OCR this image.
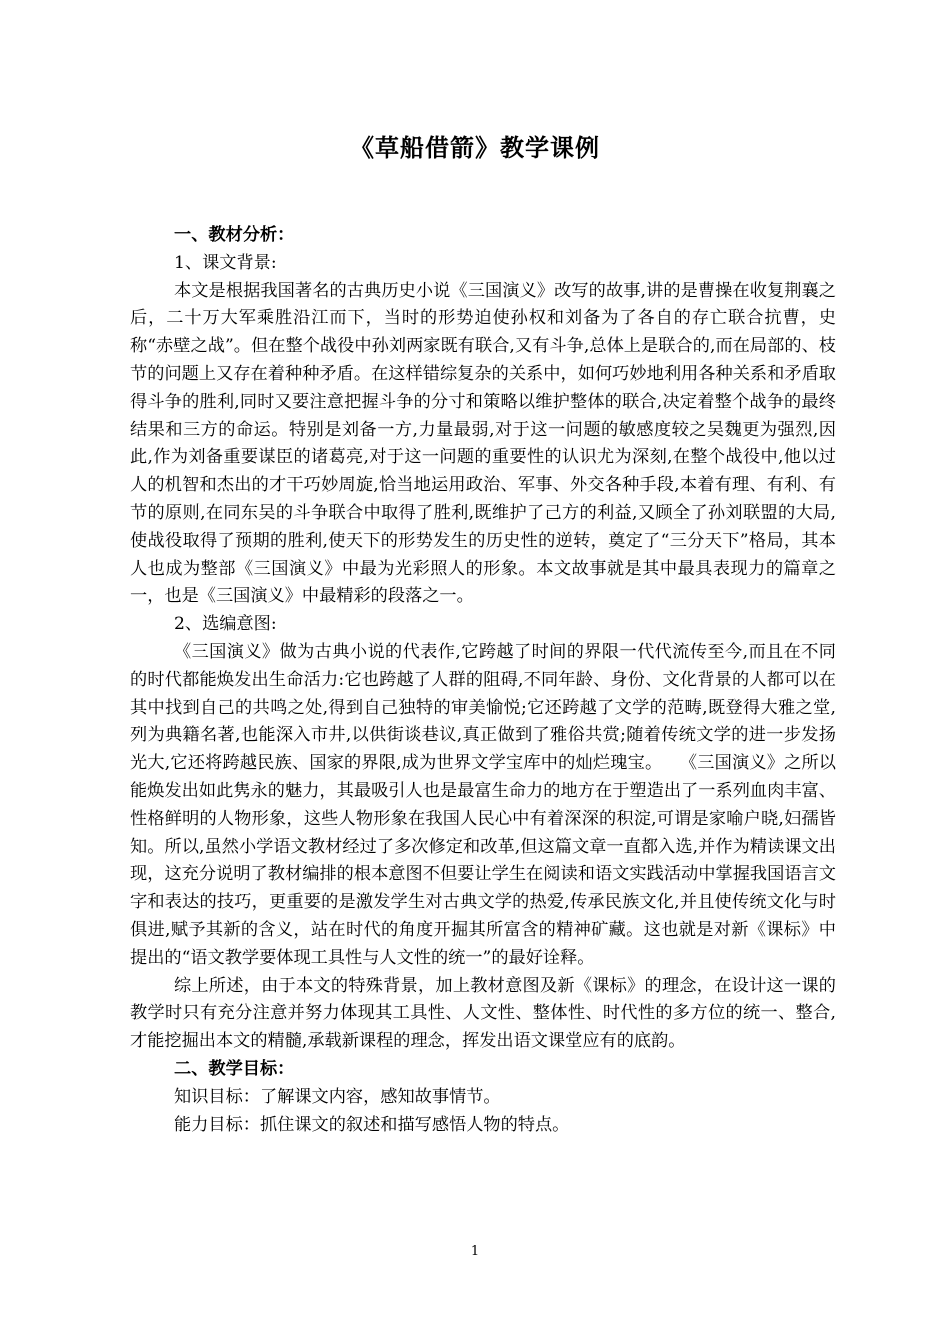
《草船借箭》教学课例

一、教材分析：

1、课文背景:

本文是根据我国著名的古典历史小说《三国演义》改写的故事,讲的是曹操在收复荆襄之后，二十万大军乘胜沿江而下，当时的形势迫使孙权和刘备为了各自的存亡联合抗曹，史称“赤壁之战”。但在整个战役中孙刘两家既有联合,又有斗争,总体上是联合的,而在局部的、枝节的问题上又存在着种种矛盾。在这样错综复杂的关系中，如何巧妙地利用各种关系和矛盾取得斗争的胜利,同时又要注意把握斗争的分寸和策略以维护整体的联合,决定着整个战争的最终结果和三方的命运。特别是刘备一方,力量最弱,对于这一问题的敏感度较之吴魏更为强烈,因此,作为刘备重要谋臣的诸葛亮,对于这一问题的重要性的认识尤为深刻,在整个战役中,他以过人的机智和杰出的才干巧妙周旋,恰当地运用政治、军事、外交各种手段,本着有理、有利、有节的原则,在同东吴的斗争联合中取得了胜利,既维护了己方的利益,又顾全了孙刘联盟的大局,使战役取得了预期的胜利,使天下的形势发生的历史性的逆转，奠定了“三分天下”格局，其本人也成为整部《三国演义》中最为光彩照人的形象。本文故事就是其中最具表现力的篇章之一，也是《三国演义》中最精彩的段落之一。

2、选编意图:

《三国演义》做为古典小说的代表作,它跨越了时间的界限一代代流传至今,而且在不同的时代都能焕发出生命活力:它也跨越了人群的阻碍,不同年龄、身份、文化背景的人都可以在其中找到自己的共鸣之处,得到自己独特的审美愉悦;它还跨越了文学的范畴,既登得大雅之堂,列为典籍名著,也能深入市井,以供街谈巷议,真正做到了雅俗共赏;随着传统文学的进一步发扬光大,它还将跨越民族、国家的界限,成为世界文学宝库中的灿烂瑰宝。　　《三国演义》之所以能焕发出如此隽永的魅力，其最吸引人也是最富生命力的地方在于塑造出了一系列血肉丰富、性格鲜明的人物形象，这些人物形象在我国人民心中有着深深的积淀,可谓是家喻户晓,妇孺皆知。所以,虽然小学语文教材经过了多次修定和改革,但这篇文章一直都入选,并作为精读课文出现，这充分说明了教材编排的根本意图不但要让学生在阅读和语文实践活动中掌握我国语言文字和表达的技巧，更重要的是激发学生对古典文学的热爱,传承民族文化,并且使传统文化与时俱进,赋予其新的含义，站在时代的角度开掘其所富含的精神矿藏。这也就是对新《课标》中提出的“语文教学要体现工具性与人文性的统一”的最好诠释。

综上所述，由于本文的特殊背景，加上教材意图及新《课标》的理念，在设计这一课的教学时只有充分注意并努力体现其工具性、人文性、整体性、时代性的多方位的统一、整合,才能挖掘出本文的精髓,承载新课程的理念，挥发出语文课堂应有的底韵。

二、教学目标：

知识目标：了解课文内容，感知故事情节。

能力目标：抓住课文的叙述和描写感悟人物的特点。

1
